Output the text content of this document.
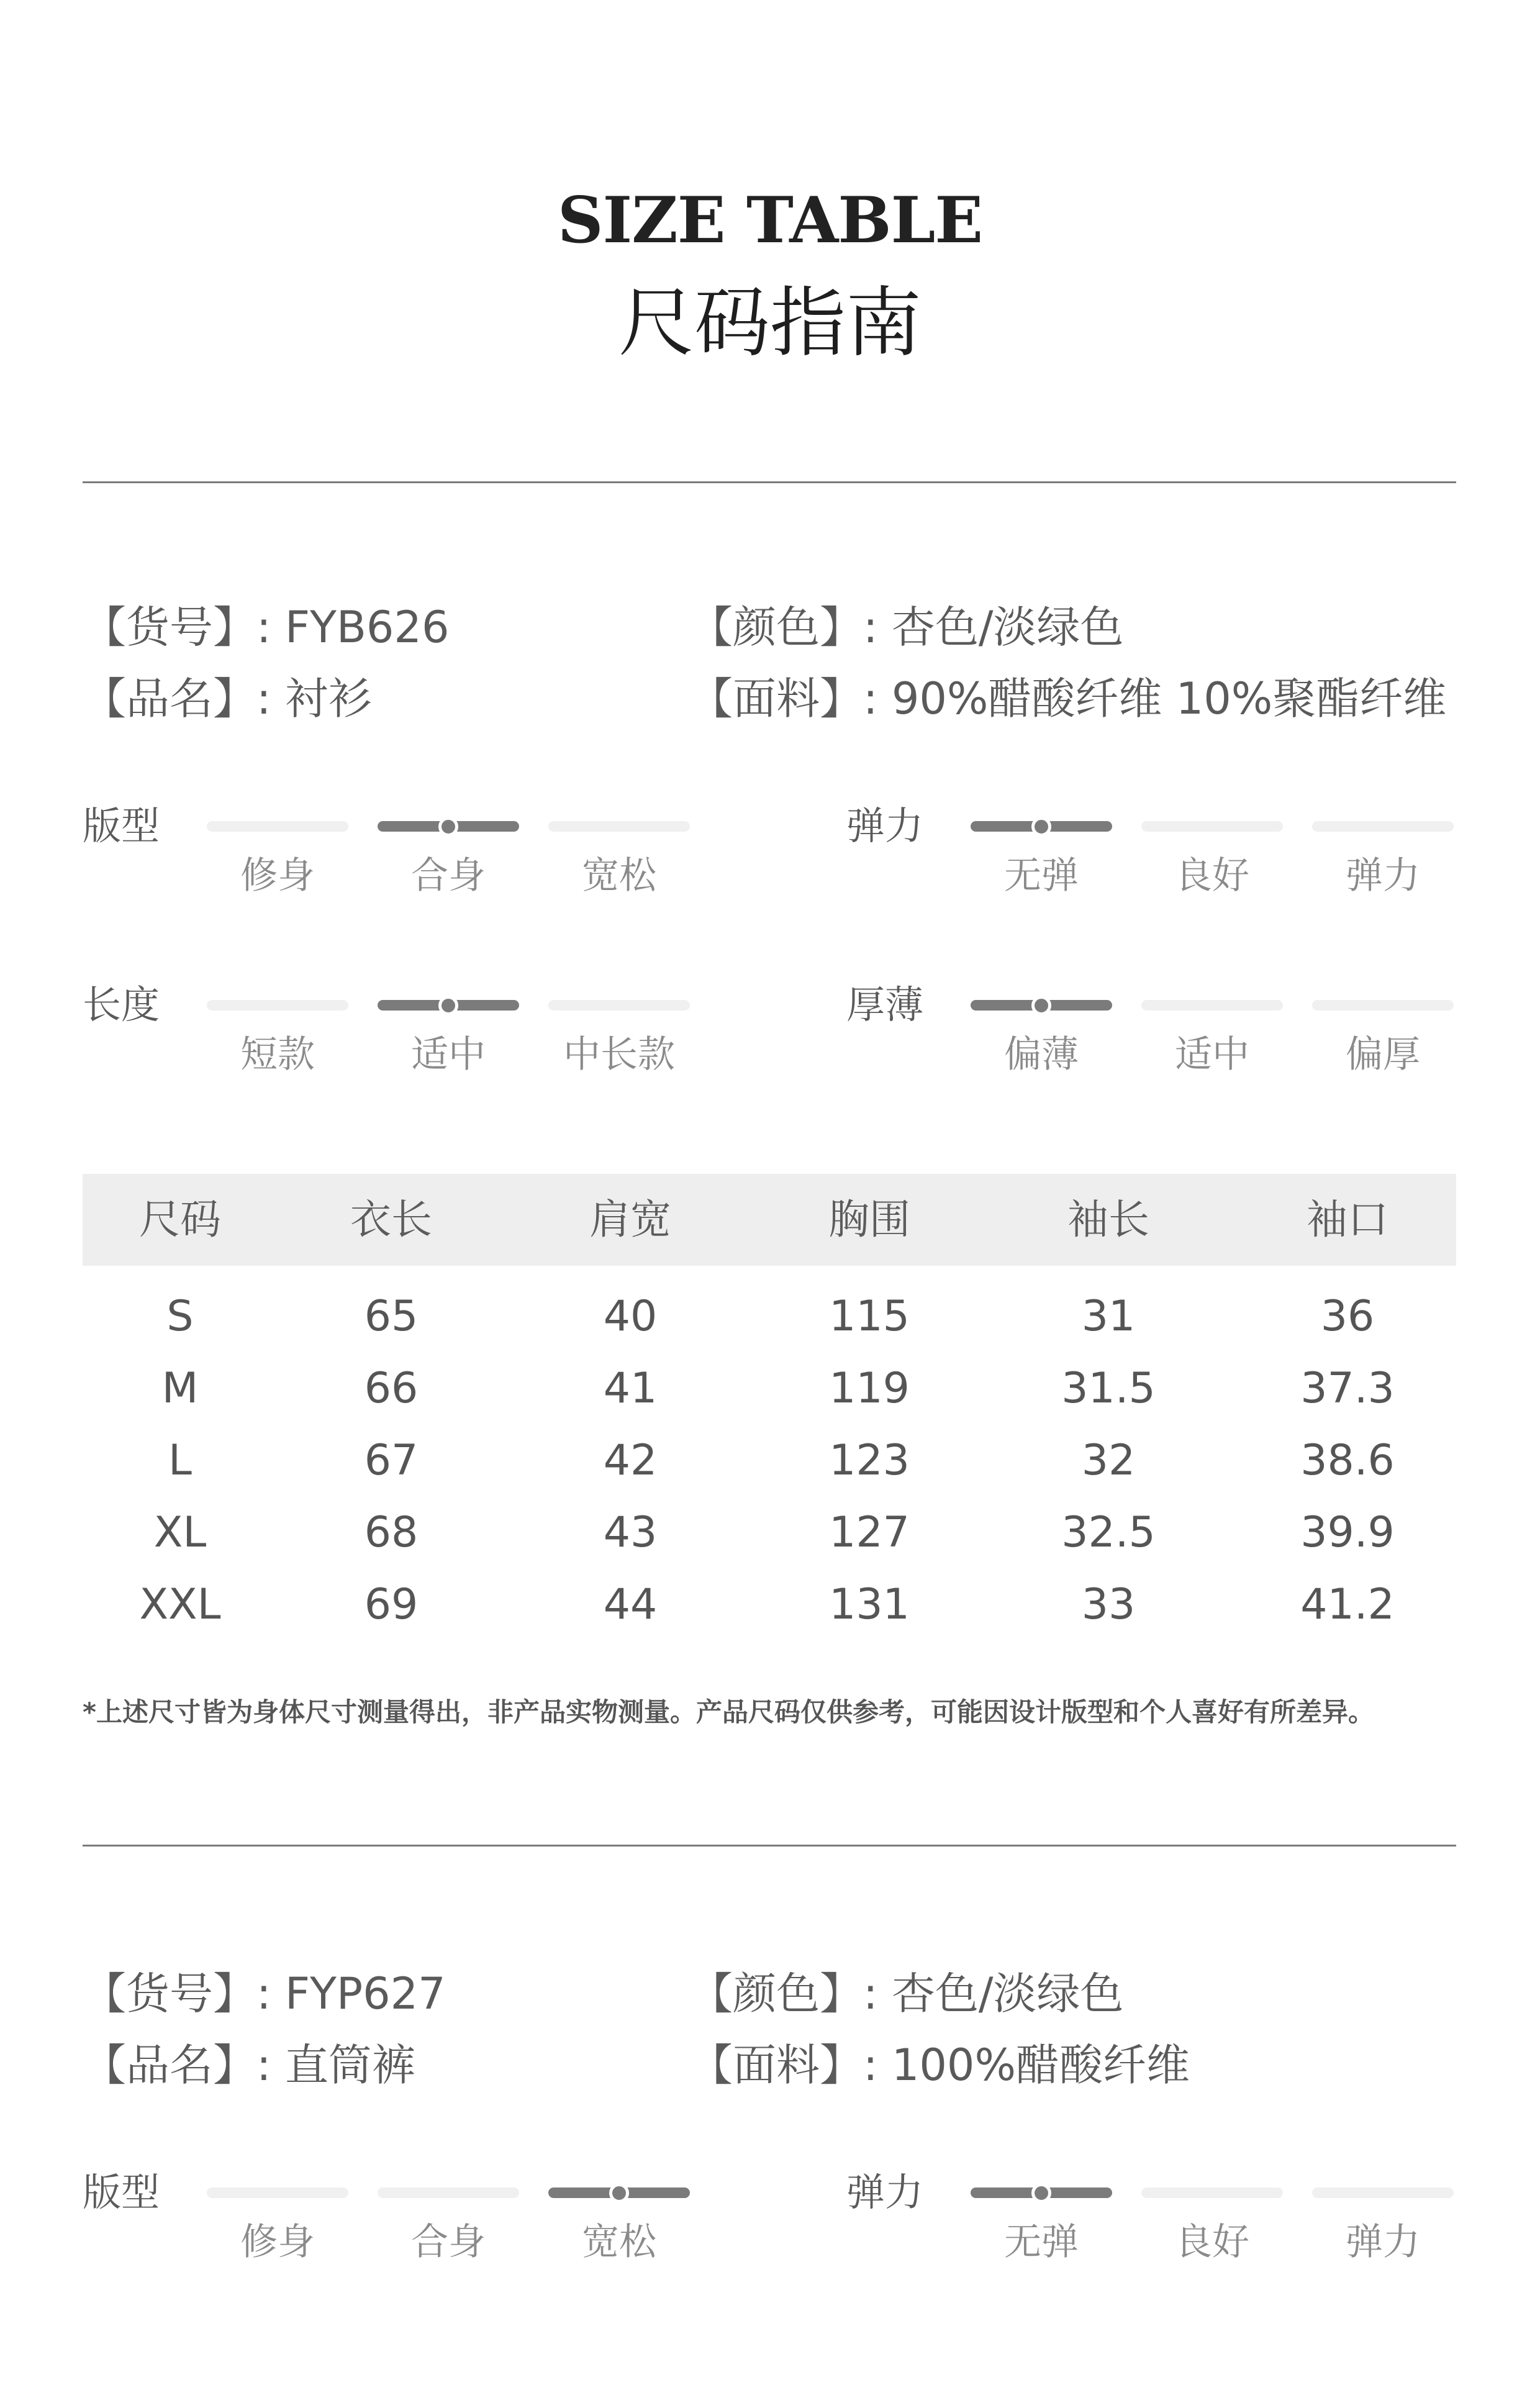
SIZE TABLE
尺码指南
【货号】: FYB626
【品名】: 衬衫
【颜色】: 杏色/淡绿色
【面料】: 90%醋酸纤维 10%聚酯纤维
*上述尺寸皆为身体尺寸测量得出，非产品实物测量。产品尺码仅供参考，可能因设计版型和个人喜好有所差异。
【货号】: FYP627
【品名】: 直筒裤
【颜色】: 杏色/淡绿色
【面料】: 100%醋酸纤维
版型
修身	合身	宽松
弹力
无弹	良好	弹力
长度
短款	适中	中长款
厚薄
偏薄	适中	偏厚
版型
修身	合身	宽松
弹力
无弹	良好	弹力
尺码	衣长	肩宽	胸围	袖长	袖口
S	65	40	115	31	36
M	66	41	119	31.5	37.3
L	67	42	123	32	38.6
XL	68	43	127	32.5	39.9
XXL	69	44	131	33	41.2
